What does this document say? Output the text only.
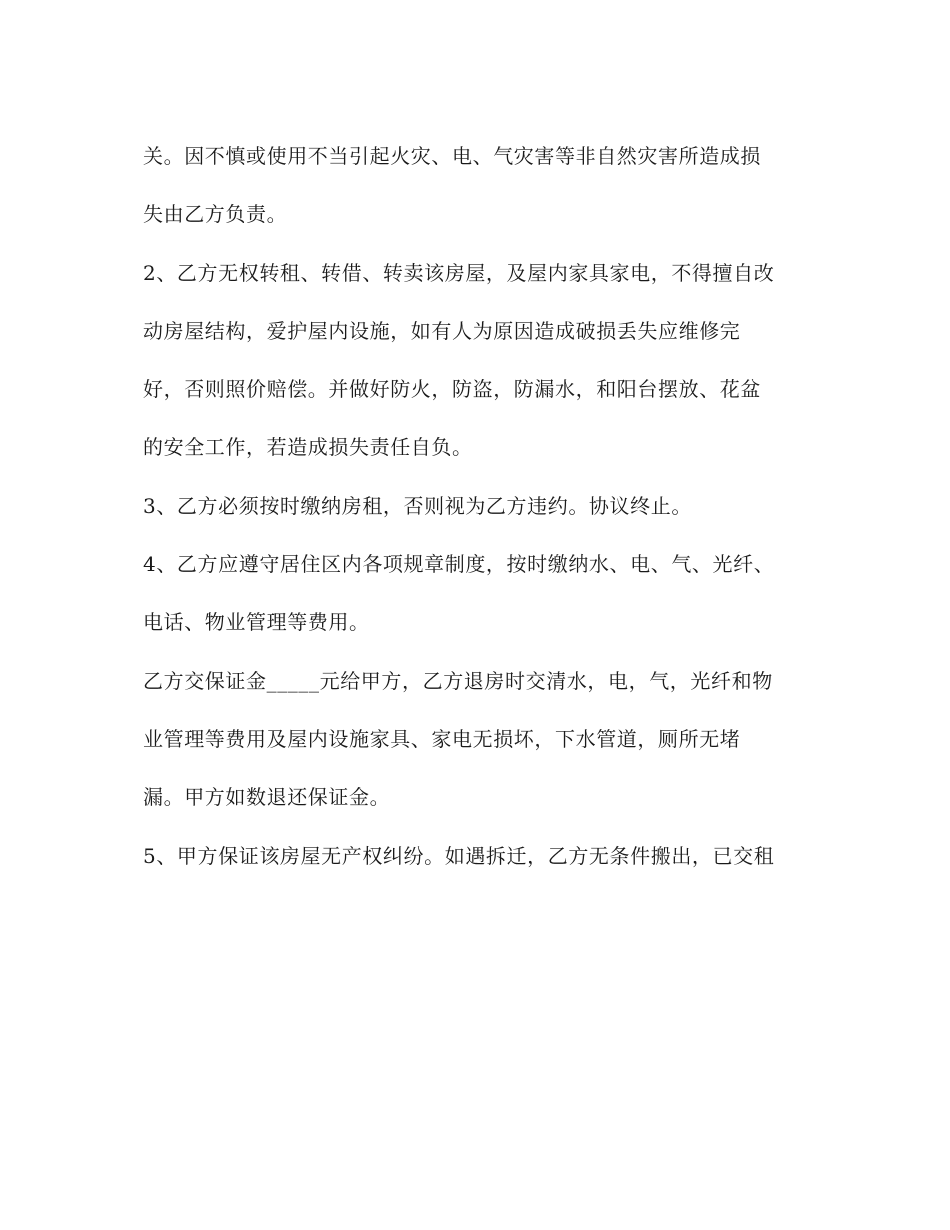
关。因不慎或使用不当引起火灾、电、气灾害等非自然灾害所造成损
失由乙方负责。
2、乙方无权转租、转借、转卖该房屋，及屋内家具家电，不得擅自改
动房屋结构，爱护屋内设施，如有人为原因造成破损丢失应维修完
好，否则照价赔偿。并做好防火，防盗，防漏水，和阳台摆放、花盆
的安全工作，若造成损失责任自负。
3、乙方必须按时缴纳房租，否则视为乙方违约。协议终止。
4、乙方应遵守居住区内各项规章制度，按时缴纳水、电、气、光纤、
电话、物业管理等费用。
乙方交保证金_____元给甲方，乙方退房时交清水，电，气，光纤和物
业管理等费用及屋内设施家具、家电无损坏，下水管道，厕所无堵
漏。甲方如数退还保证金。
5、甲方保证该房屋无产权纠纷。如遇拆迁，乙方无条件搬出，已交租
